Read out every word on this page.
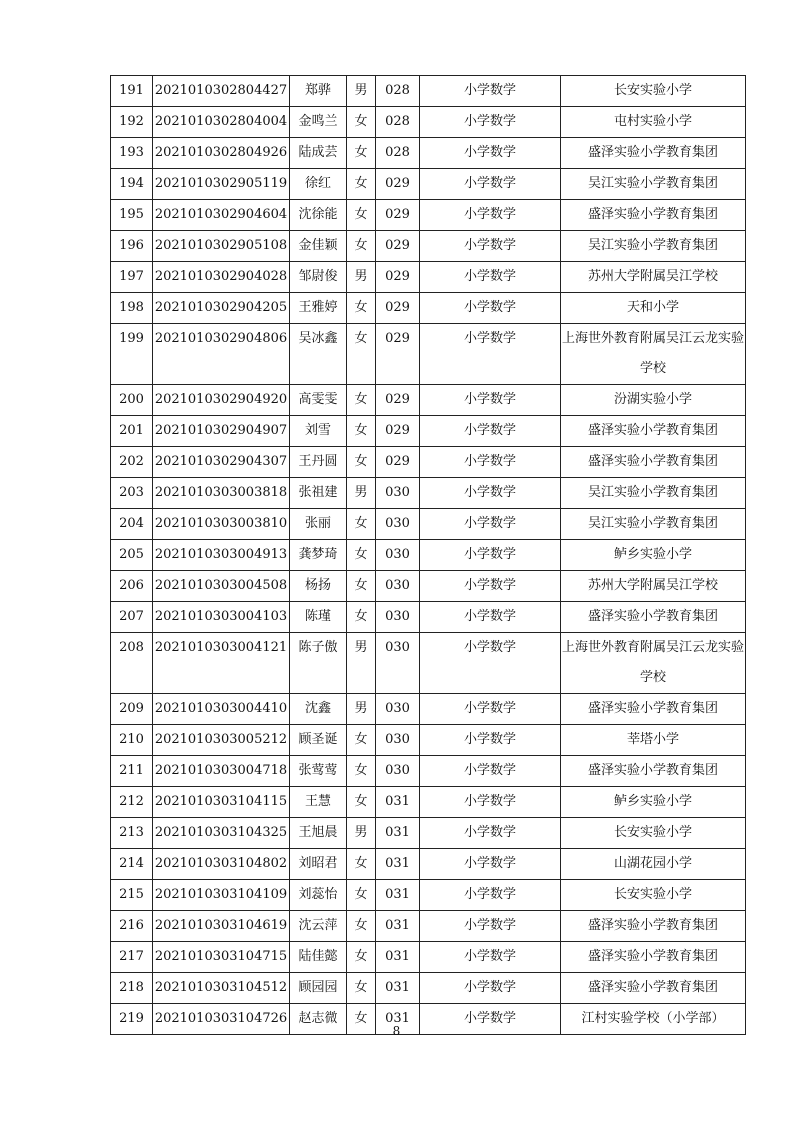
191	2021010302804427	郑骅	男	028	小学数学	长安实验小学
192	2021010302804004	金鸣兰	女	028	小学数学	屯村实验小学
193	2021010302804926	陆成芸	女	028	小学数学	盛泽实验小学教育集团
194	2021010302905119	徐红	女	029	小学数学	吴江实验小学教育集团
195	2021010302904604	沈徐能	女	029	小学数学	盛泽实验小学教育集团
196	2021010302905108	金佳颖	女	029	小学数学	吴江实验小学教育集团
197	2021010302904028	邹尉俊	男	029	小学数学	苏州大学附属吴江学校
198	2021010302904205	王雅婷	女	029	小学数学	天和小学
199	2021010302904806	吴冰鑫	女	029	小学数学	上海世外教育附属吴江云龙实验学校
200	2021010302904920	高雯雯	女	029	小学数学	汾湖实验小学
201	2021010302904907	刘雪	女	029	小学数学	盛泽实验小学教育集团
202	2021010302904307	王丹圆	女	029	小学数学	盛泽实验小学教育集团
203	2021010303003818	张祖建	男	030	小学数学	吴江实验小学教育集团
204	2021010303003810	张丽	女	030	小学数学	吴江实验小学教育集团
205	2021010303004913	龚梦琦	女	030	小学数学	鲈乡实验小学
206	2021010303004508	杨扬	女	030	小学数学	苏州大学附属吴江学校
207	2021010303004103	陈瑾	女	030	小学数学	盛泽实验小学教育集团
208	2021010303004121	陈子傲	男	030	小学数学	上海世外教育附属吴江云龙实验学校
209	2021010303004410	沈鑫	男	030	小学数学	盛泽实验小学教育集团
210	2021010303005212	顾圣诞	女	030	小学数学	莘塔小学
211	2021010303004718	张莺莺	女	030	小学数学	盛泽实验小学教育集团
212	2021010303104115	王慧	女	031	小学数学	鲈乡实验小学
213	2021010303104325	王旭晨	男	031	小学数学	长安实验小学
214	2021010303104802	刘昭君	女	031	小学数学	山湖花园小学
215	2021010303104109	刘蕊怡	女	031	小学数学	长安实验小学
216	2021010303104619	沈云萍	女	031	小学数学	盛泽实验小学教育集团
217	2021010303104715	陆佳懿	女	031	小学数学	盛泽实验小学教育集团
218	2021010303104512	顾园园	女	031	小学数学	盛泽实验小学教育集团
219	2021010303104726	赵志微	女	031	小学数学	江村实验学校（小学部）
8
